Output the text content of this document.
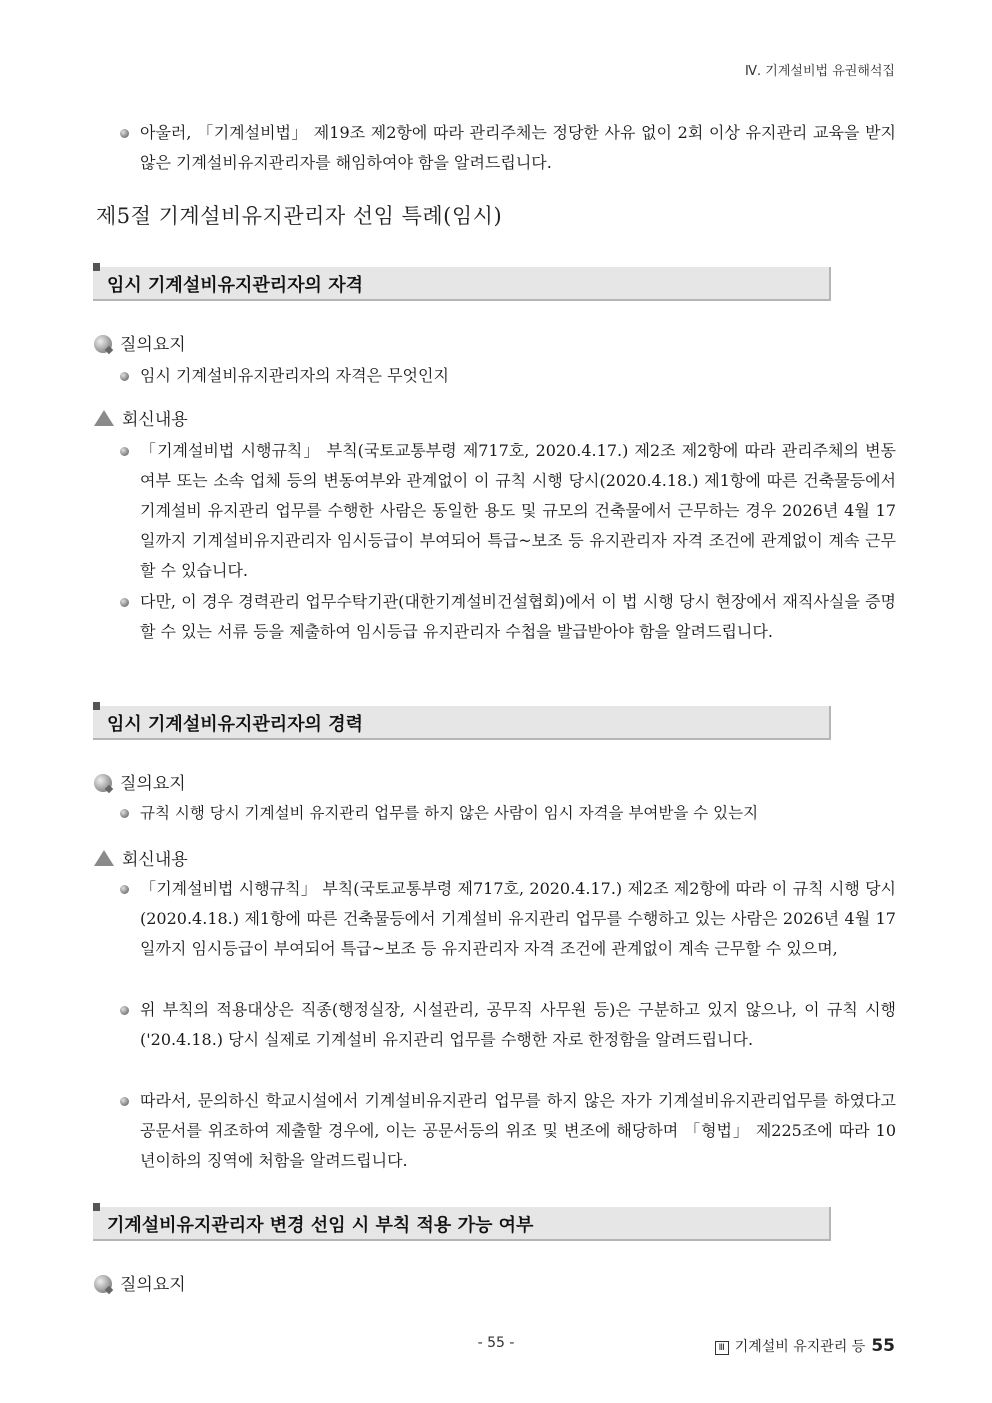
Ⅳ. 기계설비법 유권해석집
아울러, 「기계설비법」 제19조 제2항에 따라 관리주체는 정당한 사유 없이 2회 이상 유지관리 교육을 받지 않은 기계설비유지관리자를 해임하여야 함을 알려드립니다.
제5절 기계설비유지관리자 선임 특례(임시)
임시 기계설비유지관리자의 자격
질의요지
임시 기계설비유지관리자의 자격은 무엇인지
회신내용
「기계설비법 시행규칙」 부칙(국토교통부령 제717호, 2020.4.17.) 제2조 제2항에 따라 관리주체의 변동여부 또는 소속 업체 등의 변동여부와 관계없이 이 규칙 시행 당시(2020.4.18.) 제1항에 따른 건축물등에서 기계설비 유지관리 업무를 수행한 사람은 동일한 용도 및 규모의 건축물에서 근무하는 경우 2026년 4월 17일까지 기계설비유지관리자 임시등급이 부여되어 특급~보조 등 유지관리자 자격 조건에 관계없이 계속 근무할 수 있습니다.
다만, 이 경우 경력관리 업무수탁기관(대한기계설비건설협회)에서 이 법 시행 당시 현장에서 재직사실을 증명할 수 있는 서류 등을 제출하여 임시등급 유지관리자 수첩을 발급받아야 함을 알려드립니다.
임시 기계설비유지관리자의 경력
질의요지
규칙 시행 당시 기계설비 유지관리 업무를 하지 않은 사람이 임시 자격을 부여받을 수 있는지
회신내용
「기계설비법 시행규칙」 부칙(국토교통부령 제717호, 2020.4.17.) 제2조 제2항에 따라 이 규칙 시행 당시(2020.4.18.) 제1항에 따른 건축물등에서 기계설비 유지관리 업무를 수행하고 있는 사람은 2026년 4월 17일까지 임시등급이 부여되어 특급~보조 등 유지관리자 자격 조건에 관계없이 계속 근무할 수 있으며,
위 부칙의 적용대상은 직종(행정실장, 시설관리, 공무직 사무원 등)은 구분하고 있지 않으나, 이 규칙 시행('20.4.18.) 당시 실제로 기계설비 유지관리 업무를 수행한 자로 한정함을 알려드립니다.
따라서, 문의하신 학교시설에서 기계설비유지관리 업무를 하지 않은 자가 기계설비유지관리업무를 하였다고 공문서를 위조하여 제출할 경우에, 이는 공문서등의 위조 및 변조에 해당하며 「형법」 제225조에 따라 10년이하의 징역에 처함을 알려드립니다.
기계설비유지관리자 변경 선임 시 부칙 적용 가능 여부
질의요지
- 55 -	Ⅲ 기계설비 유지관리 등 55
